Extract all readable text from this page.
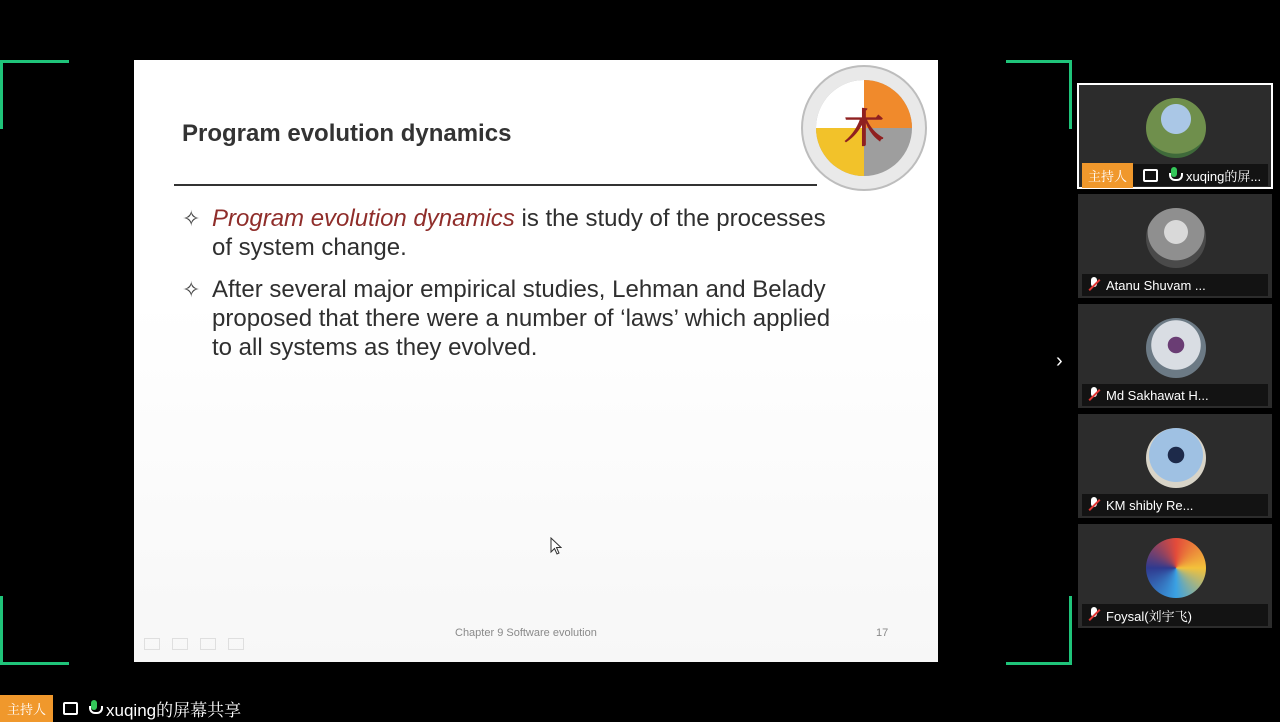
Program evolution dynamics	木
✧ Program evolution dynamics is the study of the processes of system change.
✧ After several major empirical studies, Lehman and Belady proposed that there were a number of ‘laws’ which applied to all systems as they evolved.
Chapter 9 Software evolution	17
›
主持人	xuqing的屏...
Atanu Shuvam ...
Md Sakhawat H...
KM shibly Re...
Foysal(刘宇飞)
主持人	xuqing的屏幕共享
